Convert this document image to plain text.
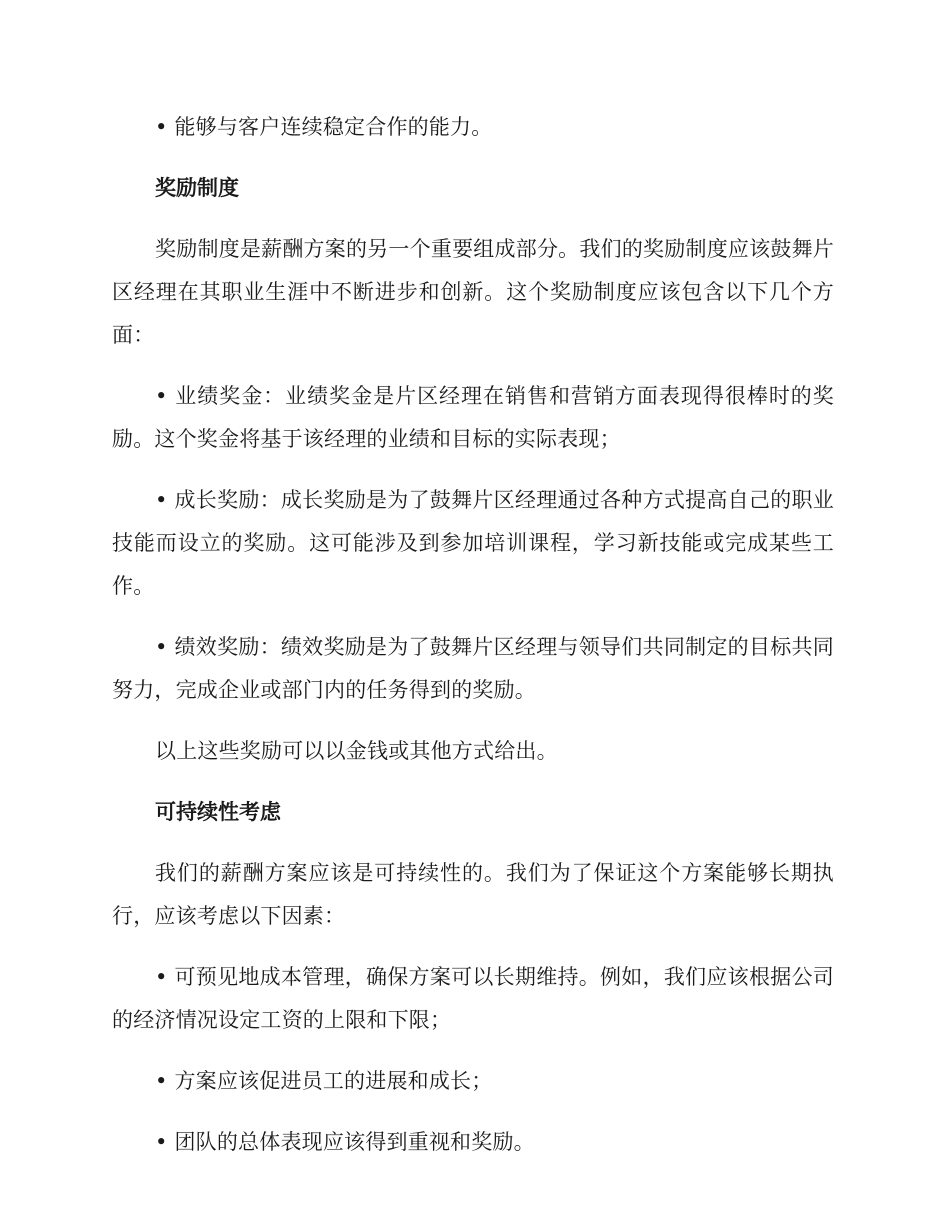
• 能够与客户连续稳定合作的能力。

奖励制度

奖励制度是薪酬方案的另一个重要组成部分。我们的奖励制度应该鼓舞片区经理在其职业生涯中不断进步和创新。这个奖励制度应该包含以下几个方面：

• 业绩奖金：业绩奖金是片区经理在销售和营销方面表现得很棒时的奖励。这个奖金将基于该经理的业绩和目标的实际表现；

• 成长奖励：成长奖励是为了鼓舞片区经理通过各种方式提高自己的职业技能而设立的奖励。这可能涉及到参加培训课程，学习新技能或完成某些工作。

• 绩效奖励：绩效奖励是为了鼓舞片区经理与领导们共同制定的目标共同努力，完成企业或部门内的任务得到的奖励。

以上这些奖励可以以金钱或其他方式给出。

可持续性考虑

我们的薪酬方案应该是可持续性的。我们为了保证这个方案能够长期执行，应该考虑以下因素：

• 可预见地成本管理，确保方案可以长期维持。例如，我们应该根据公司的经济情况设定工资的上限和下限；

• 方案应该促进员工的进展和成长；

• 团队的总体表现应该得到重视和奖励。
